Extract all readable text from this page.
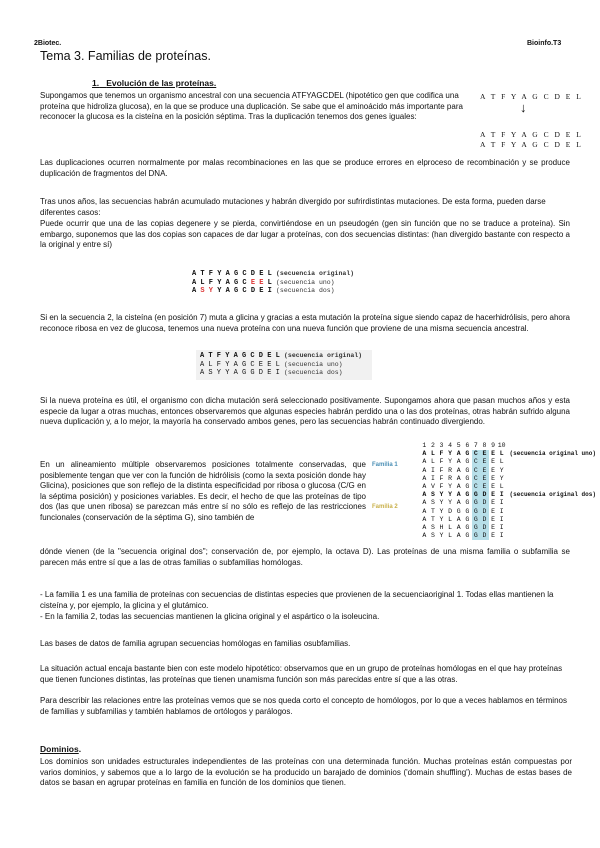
2Biotec.	Bioinfo.T3
Tema 3. Familias de proteínas.
1. Evolución de las proteínas.
Supongamos que tenemos un organismo ancestral con una secuencia ATFYAGCDEL (hipotético gen que codifica una proteína que hidroliza glucosa), en la que se produce una duplicación. Se sabe que el aminoácido más importante para reconocer la glucosa es la cisteína en la posición séptima. Tras la duplicación tenemos dos genes iguales:
A T F Y A G C D E L
↓
A T F Y A G C D E L
A T F Y A G C D E L
Las duplicaciones ocurren normalmente por malas recombinaciones en las que se produce errores en elproceso de recombinación y se produce duplicación de fragmentos del DNA.
Tras unos años, las secuencias habrán acumulado mutaciones y habrán divergido por sufrirdistintas mutaciones. De esta forma, pueden darse diferentes casos:
Puede ocurrir que una de las copias degenere y se pierda, convirtiéndose en un pseudogén (gen sin función que no se traduce a proteína). Sin embargo, suponemos que las dos copias son capaces de dar lugar a proteínas, con dos secuencias distintas: (han divergido bastante con respecto a la original y entre sí)
A T F Y A G C D E L (secuencia original)
A L F Y A G C E E L (secuencia uno)
A S Y Y A G C D E I (secuencia dos)
Si en la secuencia 2, la cisteína (en posición 7) muta a glicina y gracias a esta mutación la proteína sigue siendo capaz de hacerhidrólisis, pero ahora reconoce ribosa en vez de glucosa, tenemos una nueva proteína con una nueva función que proviene de una misma secuencia ancestral.
A T F Y A G C D E L (secuencia original)
A L F Y A G C E E L (secuencia uno)
A S Y Y A G G D E I (secuencia dos)
Si la nueva proteína es útil, el organismo con dicha mutación será seleccionado positivamente. Supongamos ahora que pasan muchos años y esta especie da lugar a otras muchas, entonces observaremos que algunas especies habrán perdido una o las dos proteínas, otras habrán sufrido alguna nueva duplicación y, a lo mejor, la mayoría ha conservado ambos genes, pero las secuencias habrán continuado divergiendo.
En un alineamiento múltiple observaremos posiciones totalmente conservadas, que posiblemente tengan que ver con la función de hidrólisis (como la sexta posición donde hay Glicina), posiciones que son reflejo de la distinta especificidad por ribosa o glucosa (C/G en la séptima posición) y posiciones variables. Es decir, el hecho de que las proteínas de tipo dos (las que unen ribosa) se parezcan más entre sí no sólo es reflejo de las restricciones funcionales (conservación de la séptima G), sino también de
dónde vienen (de la "secuencia original dos"; conservación de, por ejemplo, la octava D). Las proteínas de una misma familia o subfamilia se parecen más entre sí que a las de otras familias o subfamilias homólogas.
Familia 1
Familia 2
1 2 3 4 5 6 7 8 9 10
A L F Y A G C E E L (secuencia original uno)
A L F Y A G C E E L
A I F R A G C E E Y
A I F R A G C E E Y
A V F Y A G C E E L
A S Y Y A G G D E I (secuencia original dos)
A S Y Y A G G D E I
A T Y D G G G D E I
A T Y L A G G D E I
A S H L A G G D E I
A S Y L A G G D E I
- La familia 1 es una familia de proteínas con secuencias de distintas especies que provienen de la secuenciaoriginal 1. Todas ellas mantienen la cisteína y, por ejemplo, la glicina y el glutámico.
- En la familia 2, todas las secuencias mantienen la glicina original y el aspártico o la isoleucina.
Las bases de datos de familia agrupan secuencias homólogas en familias osubfamilias.
La situación actual encaja bastante bien con este modelo hipotético: observamos que en un grupo de proteínas homólogas en el que hay proteínas que tienen funciones distintas, las proteínas que tienen unamisma función son más parecidas entre sí que a las otras.
Para describir las relaciones entre las proteínas vemos que se nos queda corto el concepto de homólogos, por lo que a veces hablamos en términos de familias y subfamilias y también hablamos de ortólogos y parálogos.
Dominios.
Los dominios son unidades estructurales independientes de las proteínas con una determinada función. Muchas proteínas están compuestas por varios dominios, y sabemos que a lo largo de la evolución se ha producido un barajado de dominios ('domain shuffling'). Muchas de estas bases de datos se basan en agrupar proteínas en familia en función de los dominios que tienen.
